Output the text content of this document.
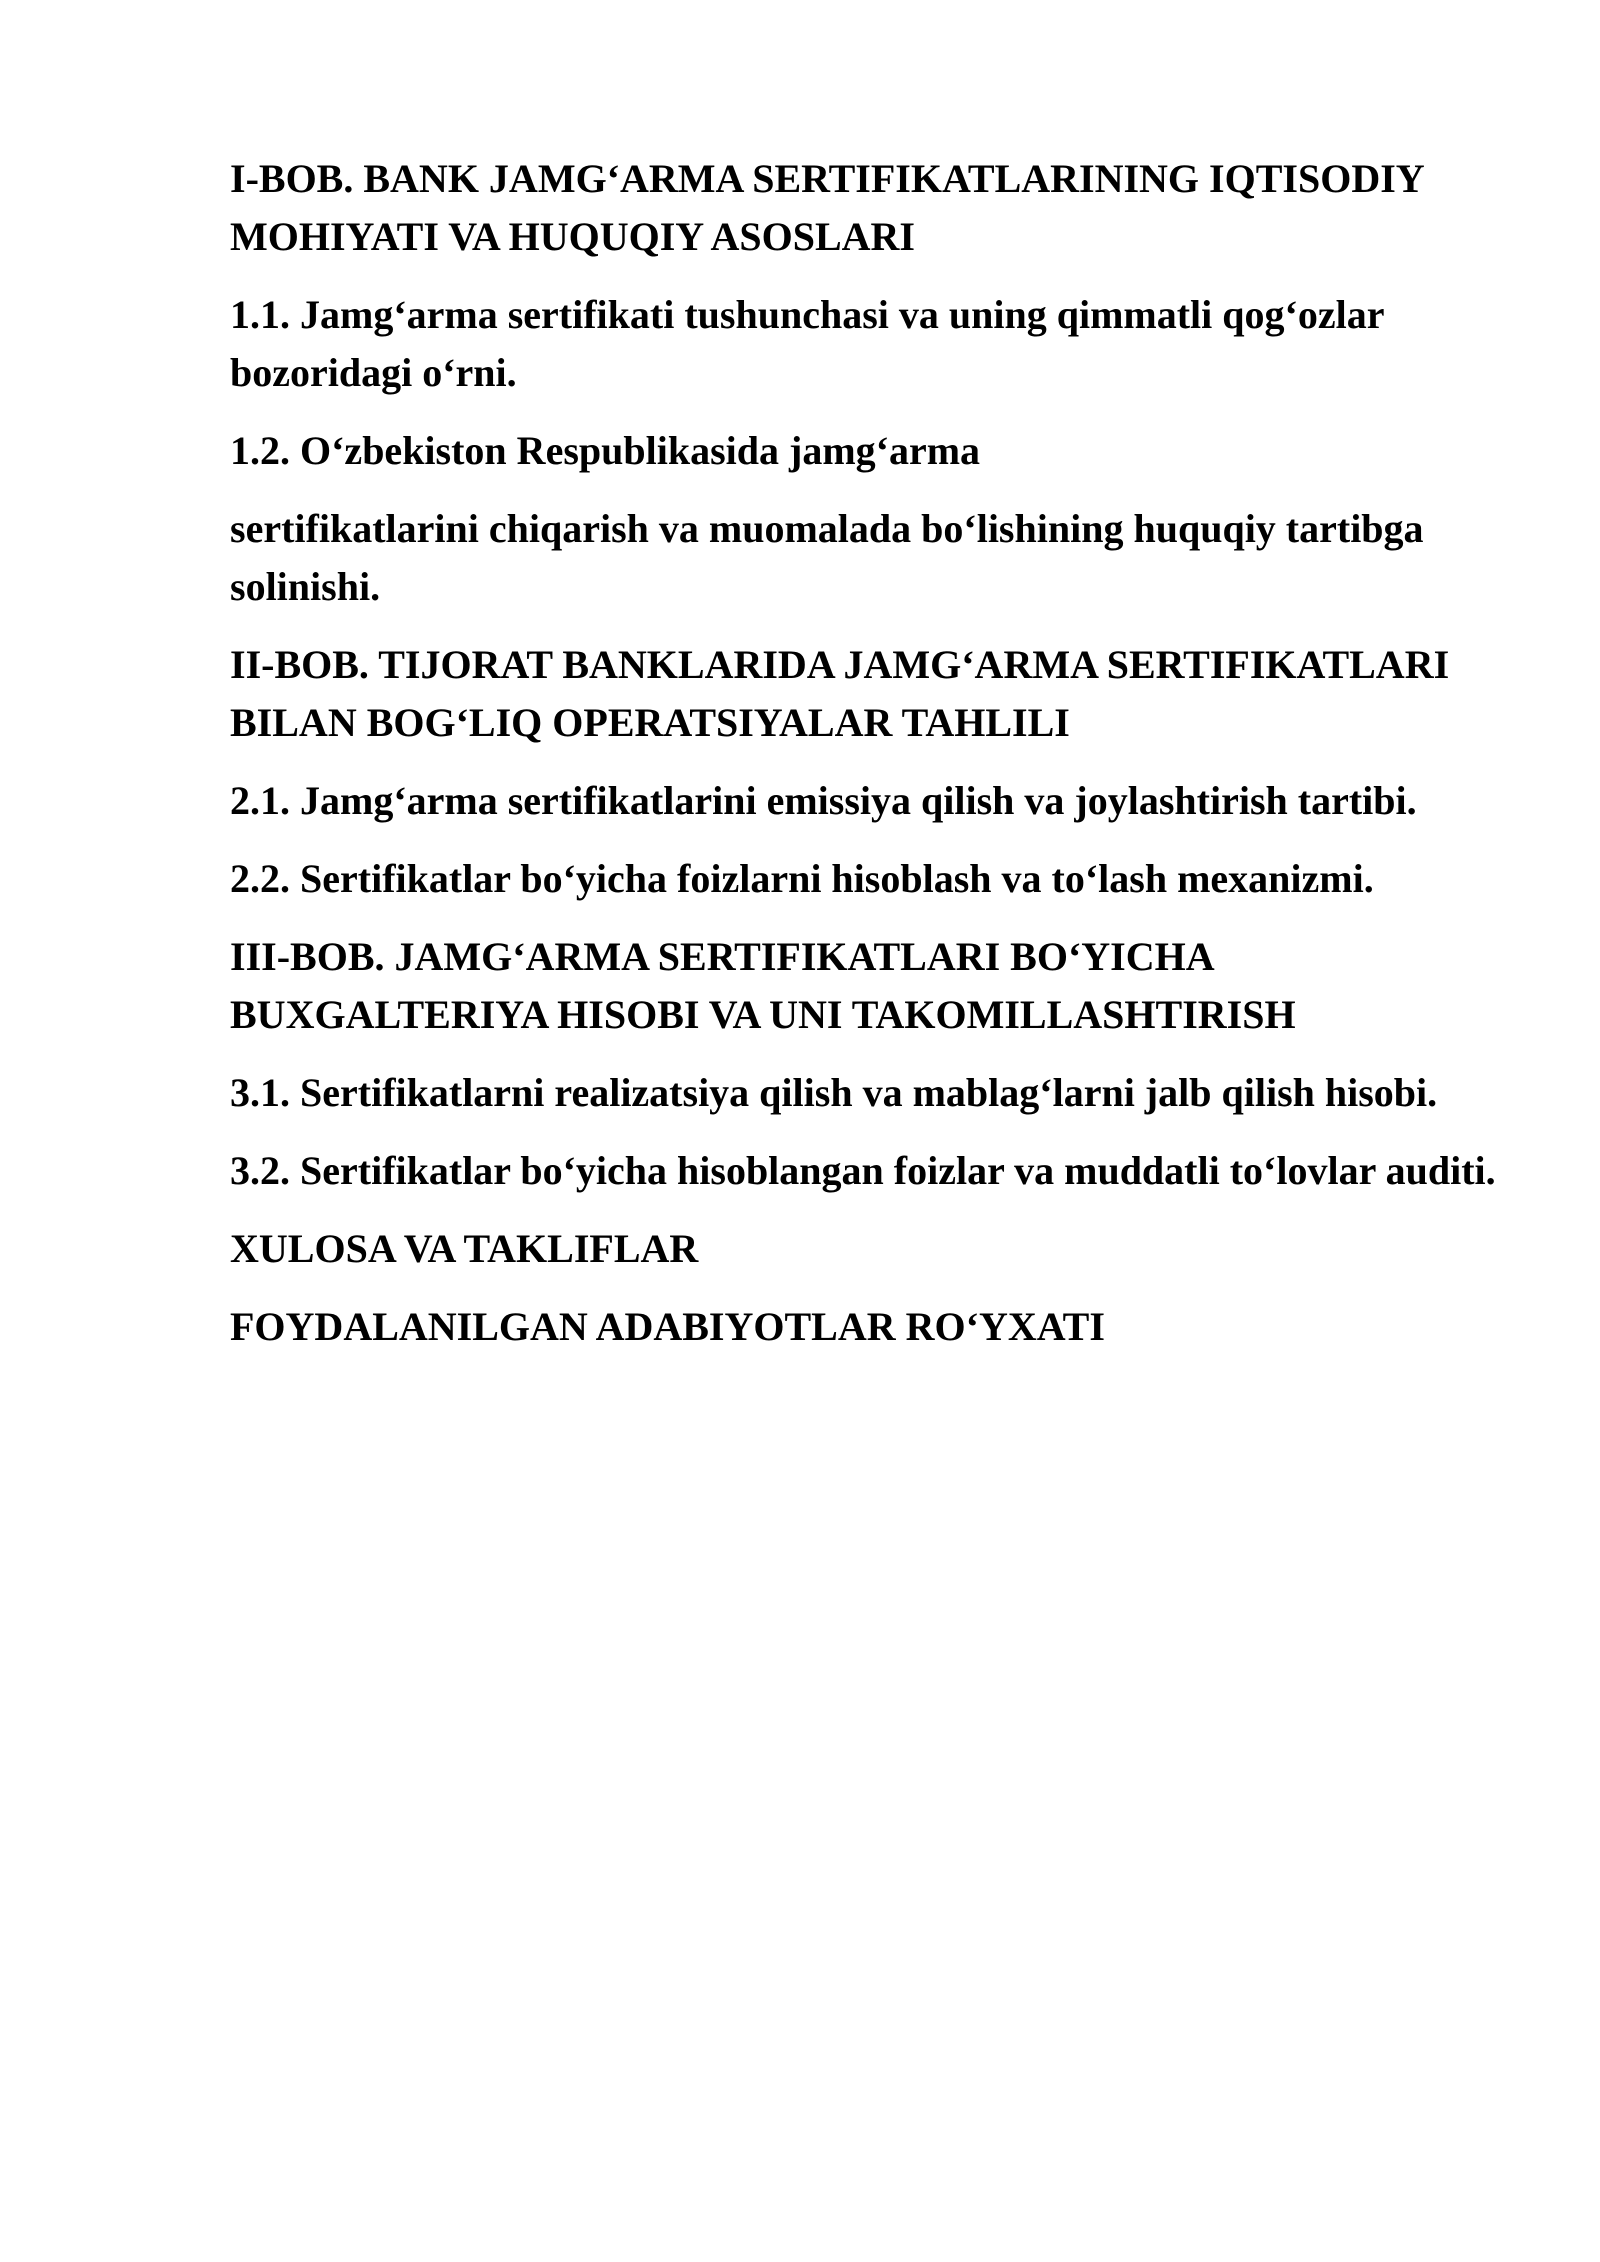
I-BOB. BANK JAMG‘ARMA SERTIFIKATLARINING IQTISODIY MOHIYATI VA HUQUQIY ASOSLARI

1.1. Jamg‘arma sertifikati tushunchasi va uning qimmatli qog‘ozlar bozoridagi o‘rni.

1.2. O‘zbekiston Respublikasida jamg‘arma

sertifikatlarini chiqarish va muomalada bo‘lishining huquqiy tartibga solinishi.

II-BOB. TIJORAT BANKLARIDA JAMG‘ARMA SERTIFIKATLARI BILAN BOG‘LIQ OPERATSIYALAR TAHLILI

2.1. Jamg‘arma sertifikatlarini emissiya qilish va joylashtirish tartibi.

2.2. Sertifikatlar bo‘yicha foizlarni hisoblash va to‘lash mexanizmi.

III-BOB. JAMG‘ARMA SERTIFIKATLARI BO‘YICHA BUXGALTERIYA HISOBI VA UNI TAKOMILLASHTIRISH

3.1. Sertifikatlarni realizatsiya qilish va mablag‘larni jalb qilish hisobi.

3.2. Sertifikatlar bo‘yicha hisoblangan foizlar va muddatli to‘lovlar auditi.

XULOSA VA TAKLIFLAR

FOYDALANILGAN ADABIYOTLAR RO‘YXATI
